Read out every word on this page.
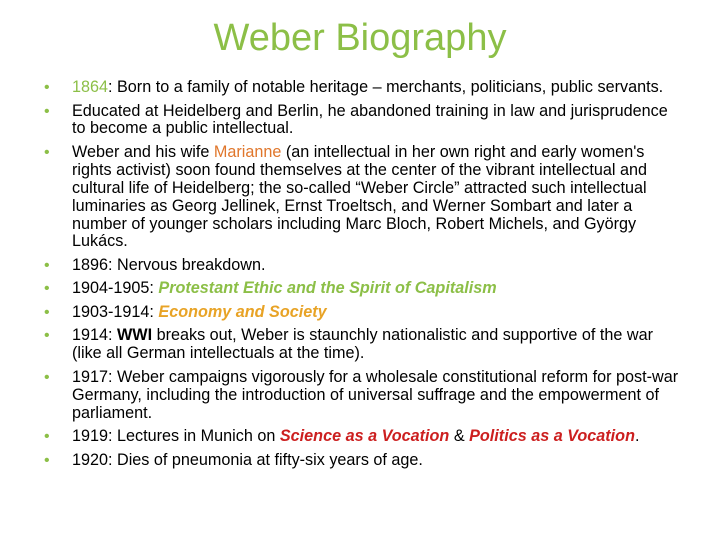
Weber Biography
•	1864: Born to a family of notable heritage – merchants, politicians, public servants.
•	Educated at Heidelberg and Berlin, he abandoned training in law and jurisprudence to become a public intellectual.
•	Weber and his wife Marianne (an intellectual in her own right and early women's rights activist) soon found themselves at the center of the vibrant intellectual and cultural life of Heidelberg; the so-called “Weber Circle” attracted such intellectual luminaries as Georg Jellinek, Ernst Troeltsch, and Werner Sombart and later a number of younger scholars including Marc Bloch, Robert Michels, and György Lukács.
•	1896: Nervous breakdown.
•	1904-1905: Protestant Ethic and the Spirit of Capitalism
•	1903-1914: Economy and Society
•	1914: WWI breaks out, Weber is staunchly nationalistic and supportive of the war (like all German intellectuals at the time).
•	1917: Weber campaigns vigorously for a wholesale constitutional reform for post-war Germany, including the introduction of universal suffrage and the empowerment of parliament.
•	1919: Lectures in Munich on Science as a Vocation & Politics as a Vocation.
•	1920: Dies of pneumonia at fifty-six years of age.
